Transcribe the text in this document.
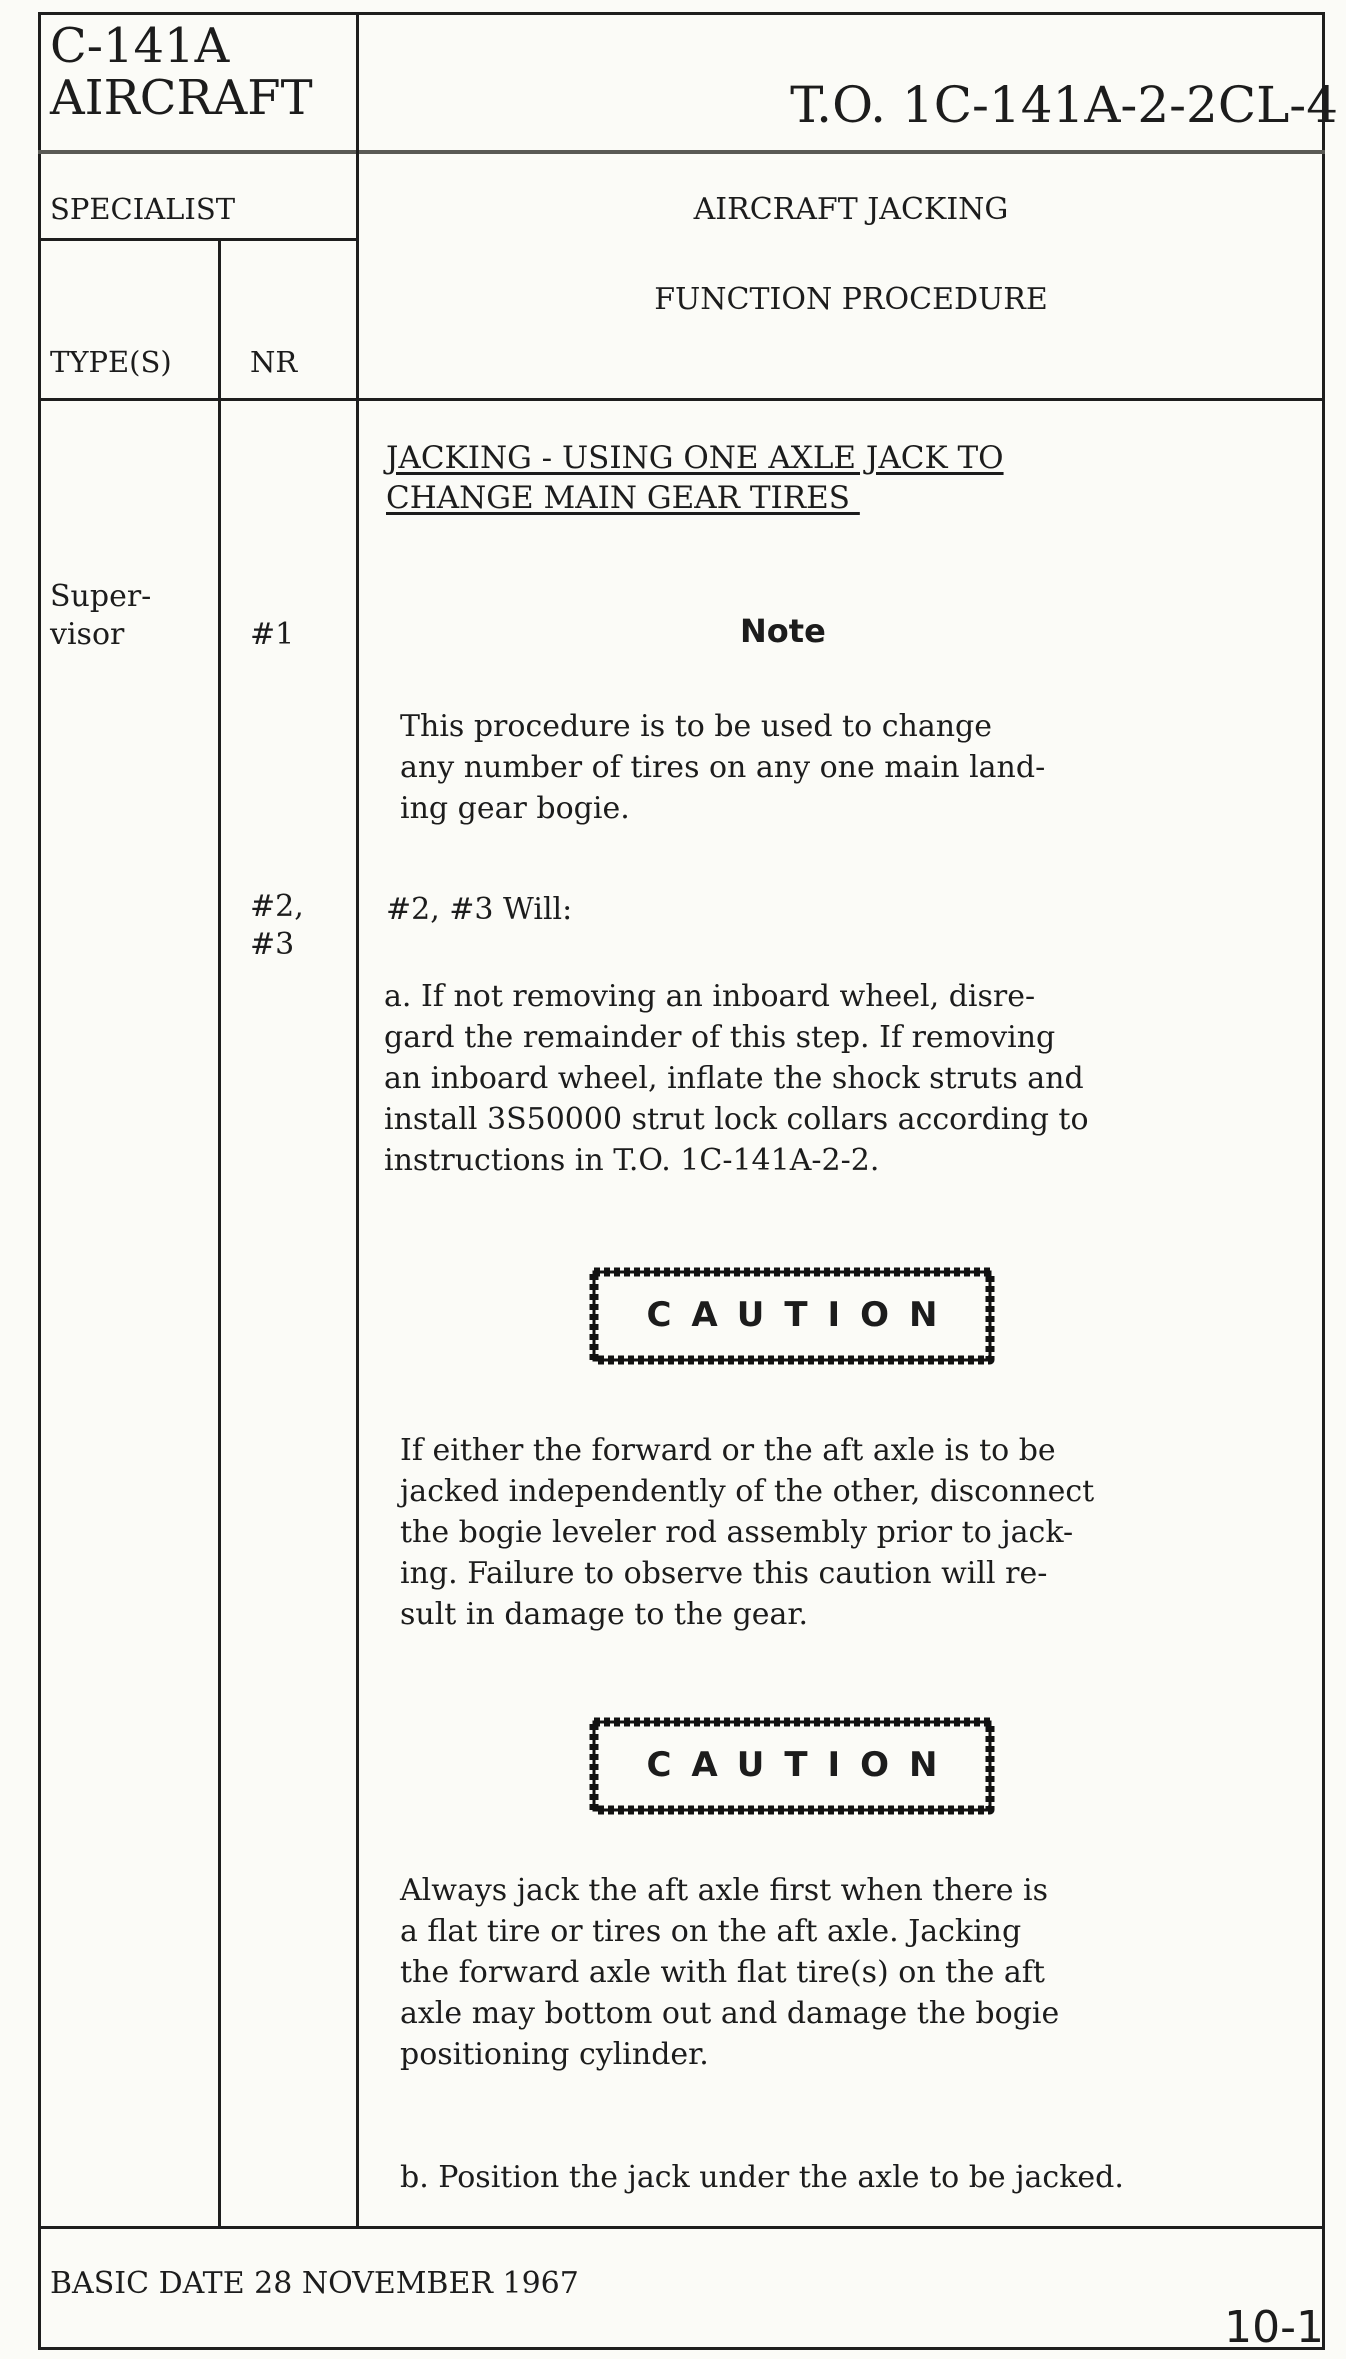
C-141A
AIRCRAFT	T.O. 1C-141A-2-2CL-4
SPECIALIST	AIRCRAFT JACKING
FUNCTION PROCEDURE
TYPE(S)	NR
JACKING - USING ONE AXLE JACK TO
CHANGE MAIN GEAR TIRES
Super-
visor	#1
#2,
#3
Note
This procedure is to be used to change
any number of tires on any one main land-
ing gear bogie.
#2, #3 Will:
a. If not removing an inboard wheel, disre-
gard the remainder of this step. If removing
an inboard wheel, inflate the shock struts and
install 3S50000 strut lock collars according to
instructions in T.O. 1C-141A-2-2.
CAUTION
If either the forward or the aft axle is to be
jacked independently of the other, disconnect
the bogie leveler rod assembly prior to jack-
ing. Failure to observe this caution will re-
sult in damage to the gear.
CAUTION
Always jack the aft axle first when there is
a flat tire or tires on the aft axle. Jacking
the forward axle with flat tire(s) on the aft
axle may bottom out and damage the bogie
positioning cylinder.
b. Position the jack under the axle to be jacked.
BASIC DATE 28 NOVEMBER 1967
10-1
